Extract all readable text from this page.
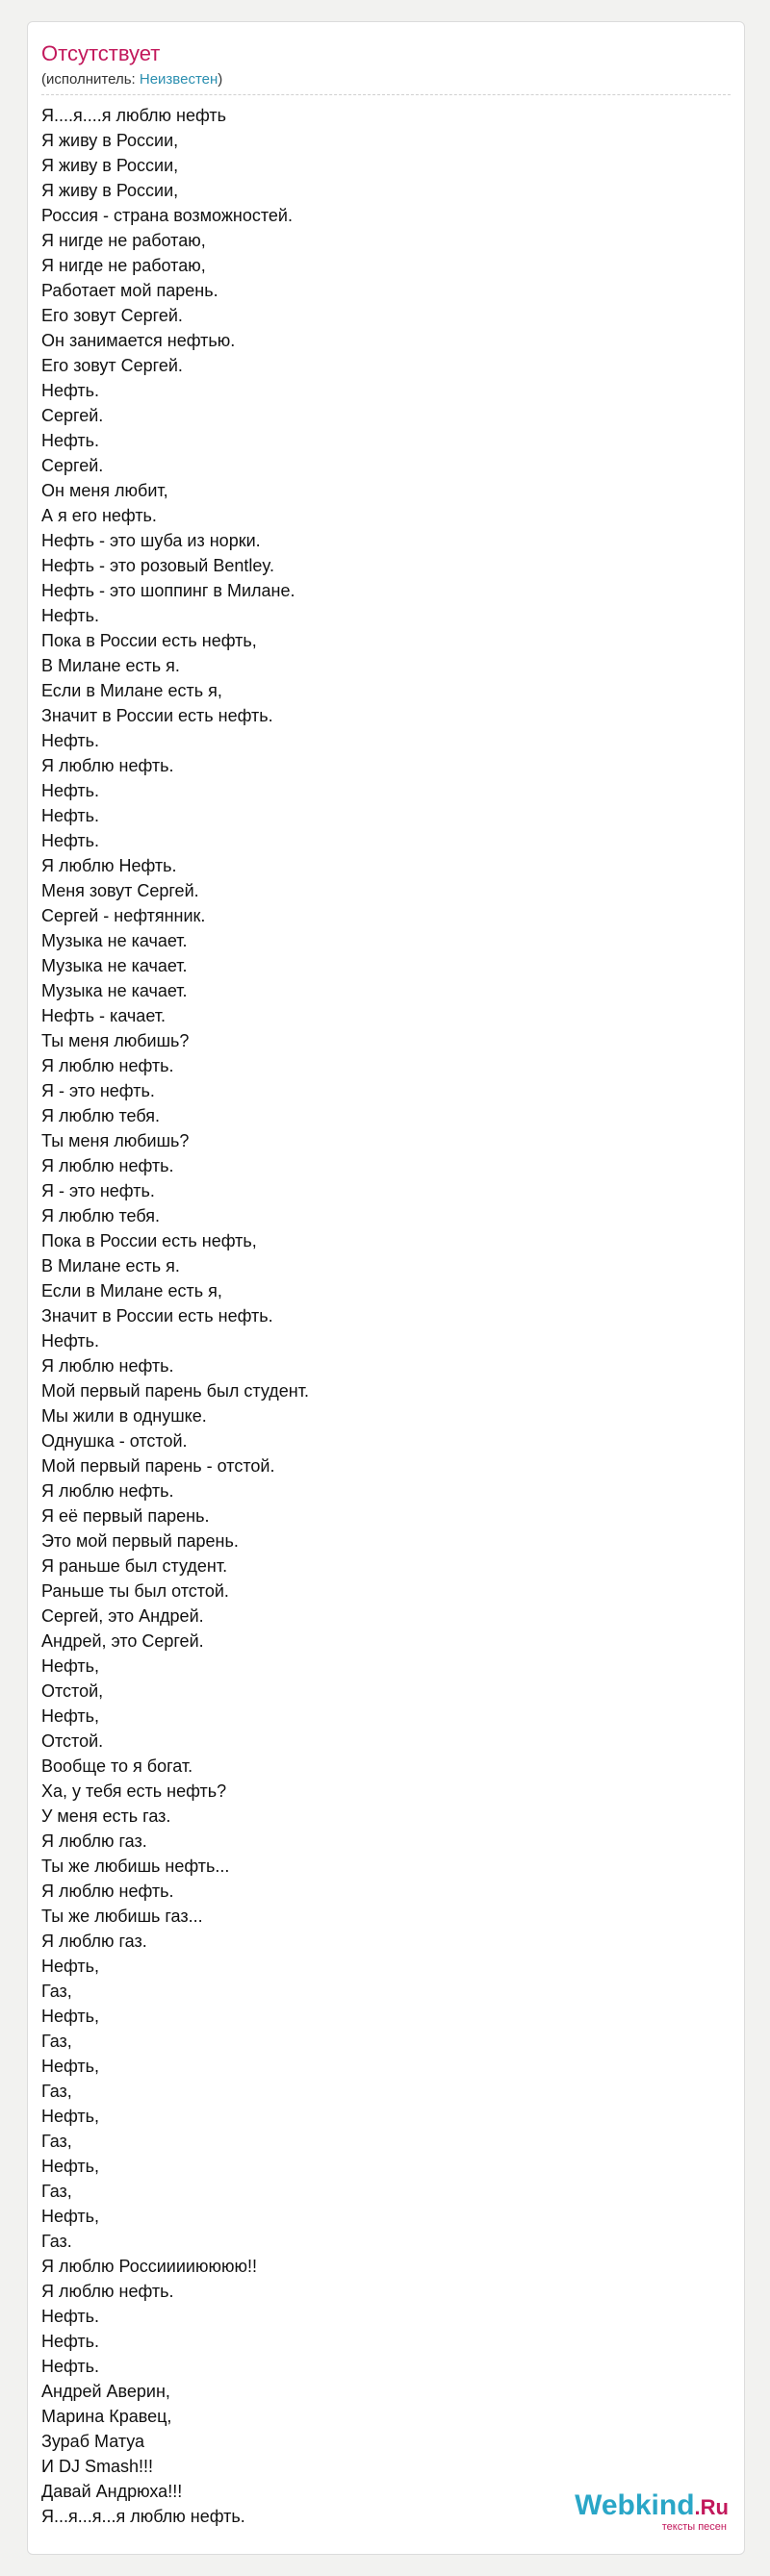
Отсутствует
(исполнитель: Неизвестен)
Я....я....я люблю нефть
Я живу в России,
Я живу в России,
Я живу в России,
Россия - страна возможностей.
Я нигде не работаю,
Я нигде не работаю,
Работает мой парень.
Его зовут Сергей.
Он занимается нефтью.
Его зовут Сергей.
Нефть.
Сергей.
Нефть.
Сергей.
Он меня любит,
А я его нефть.
Нефть - это шуба из норки.
Нефть - это розовый Bentley.
Нефть - это шоппинг в Милане.
Нефть.
Пока в России есть нефть,
В Милане есть я.
Если в Милане есть я,
Значит в России есть нефть.
Нефть.
Я люблю нефть.
Нефть.
Нефть.
Нефть.
Я люблю Нефть.
Меня зовут Сергей.
Сергей - нефтянник.
Музыка не качает.
Музыка не качает.
Музыка не качает.
Нефть - качает.
Ты меня любишь?
Я люблю нефть.
Я - это нефть.
Я люблю тебя.
Ты меня любишь?
Я люблю нефть.
Я - это нефть.
Я люблю тебя.
Пока в России есть нефть,
В Милане есть я.
Если в Милане есть я,
Значит в России есть нефть.
Нефть.
Я люблю нефть.
Мой первый парень был студент.
Мы жили в однушке.
Однушка - отстой.
Мой первый парень - отстой.
Я люблю нефть.
Я её первый парень.
Это мой первый парень.
Я раньше был студент.
Раньше ты был отстой.
Сергей, это Андрей.
Андрей, это Сергей.
Нефть,
Отстой,
Нефть,
Отстой.
Вообще то я богат.
Ха, у тебя есть нефть?
У меня есть газ.
Я люблю газ.
Ты же любишь нефть...
Я люблю нефть.
Ты же любишь газ...
Я люблю газ.
Нефть,
Газ,
Нефть,
Газ,
Нефть,
Газ,
Нефть,
Газ,
Нефть,
Газ,
Нефть,
Газ.
Я люблю Россииииюююю!!
Я люблю нефть.
Нефть.
Нефть.
Нефть.
Андрей Аверин,
Марина Кравец,
Зураб Матуа
И DJ Smash!!!
Давай Андрюха!!!
Я...я...я...я люблю нефть.	Webkind.Ru
тексты песен
